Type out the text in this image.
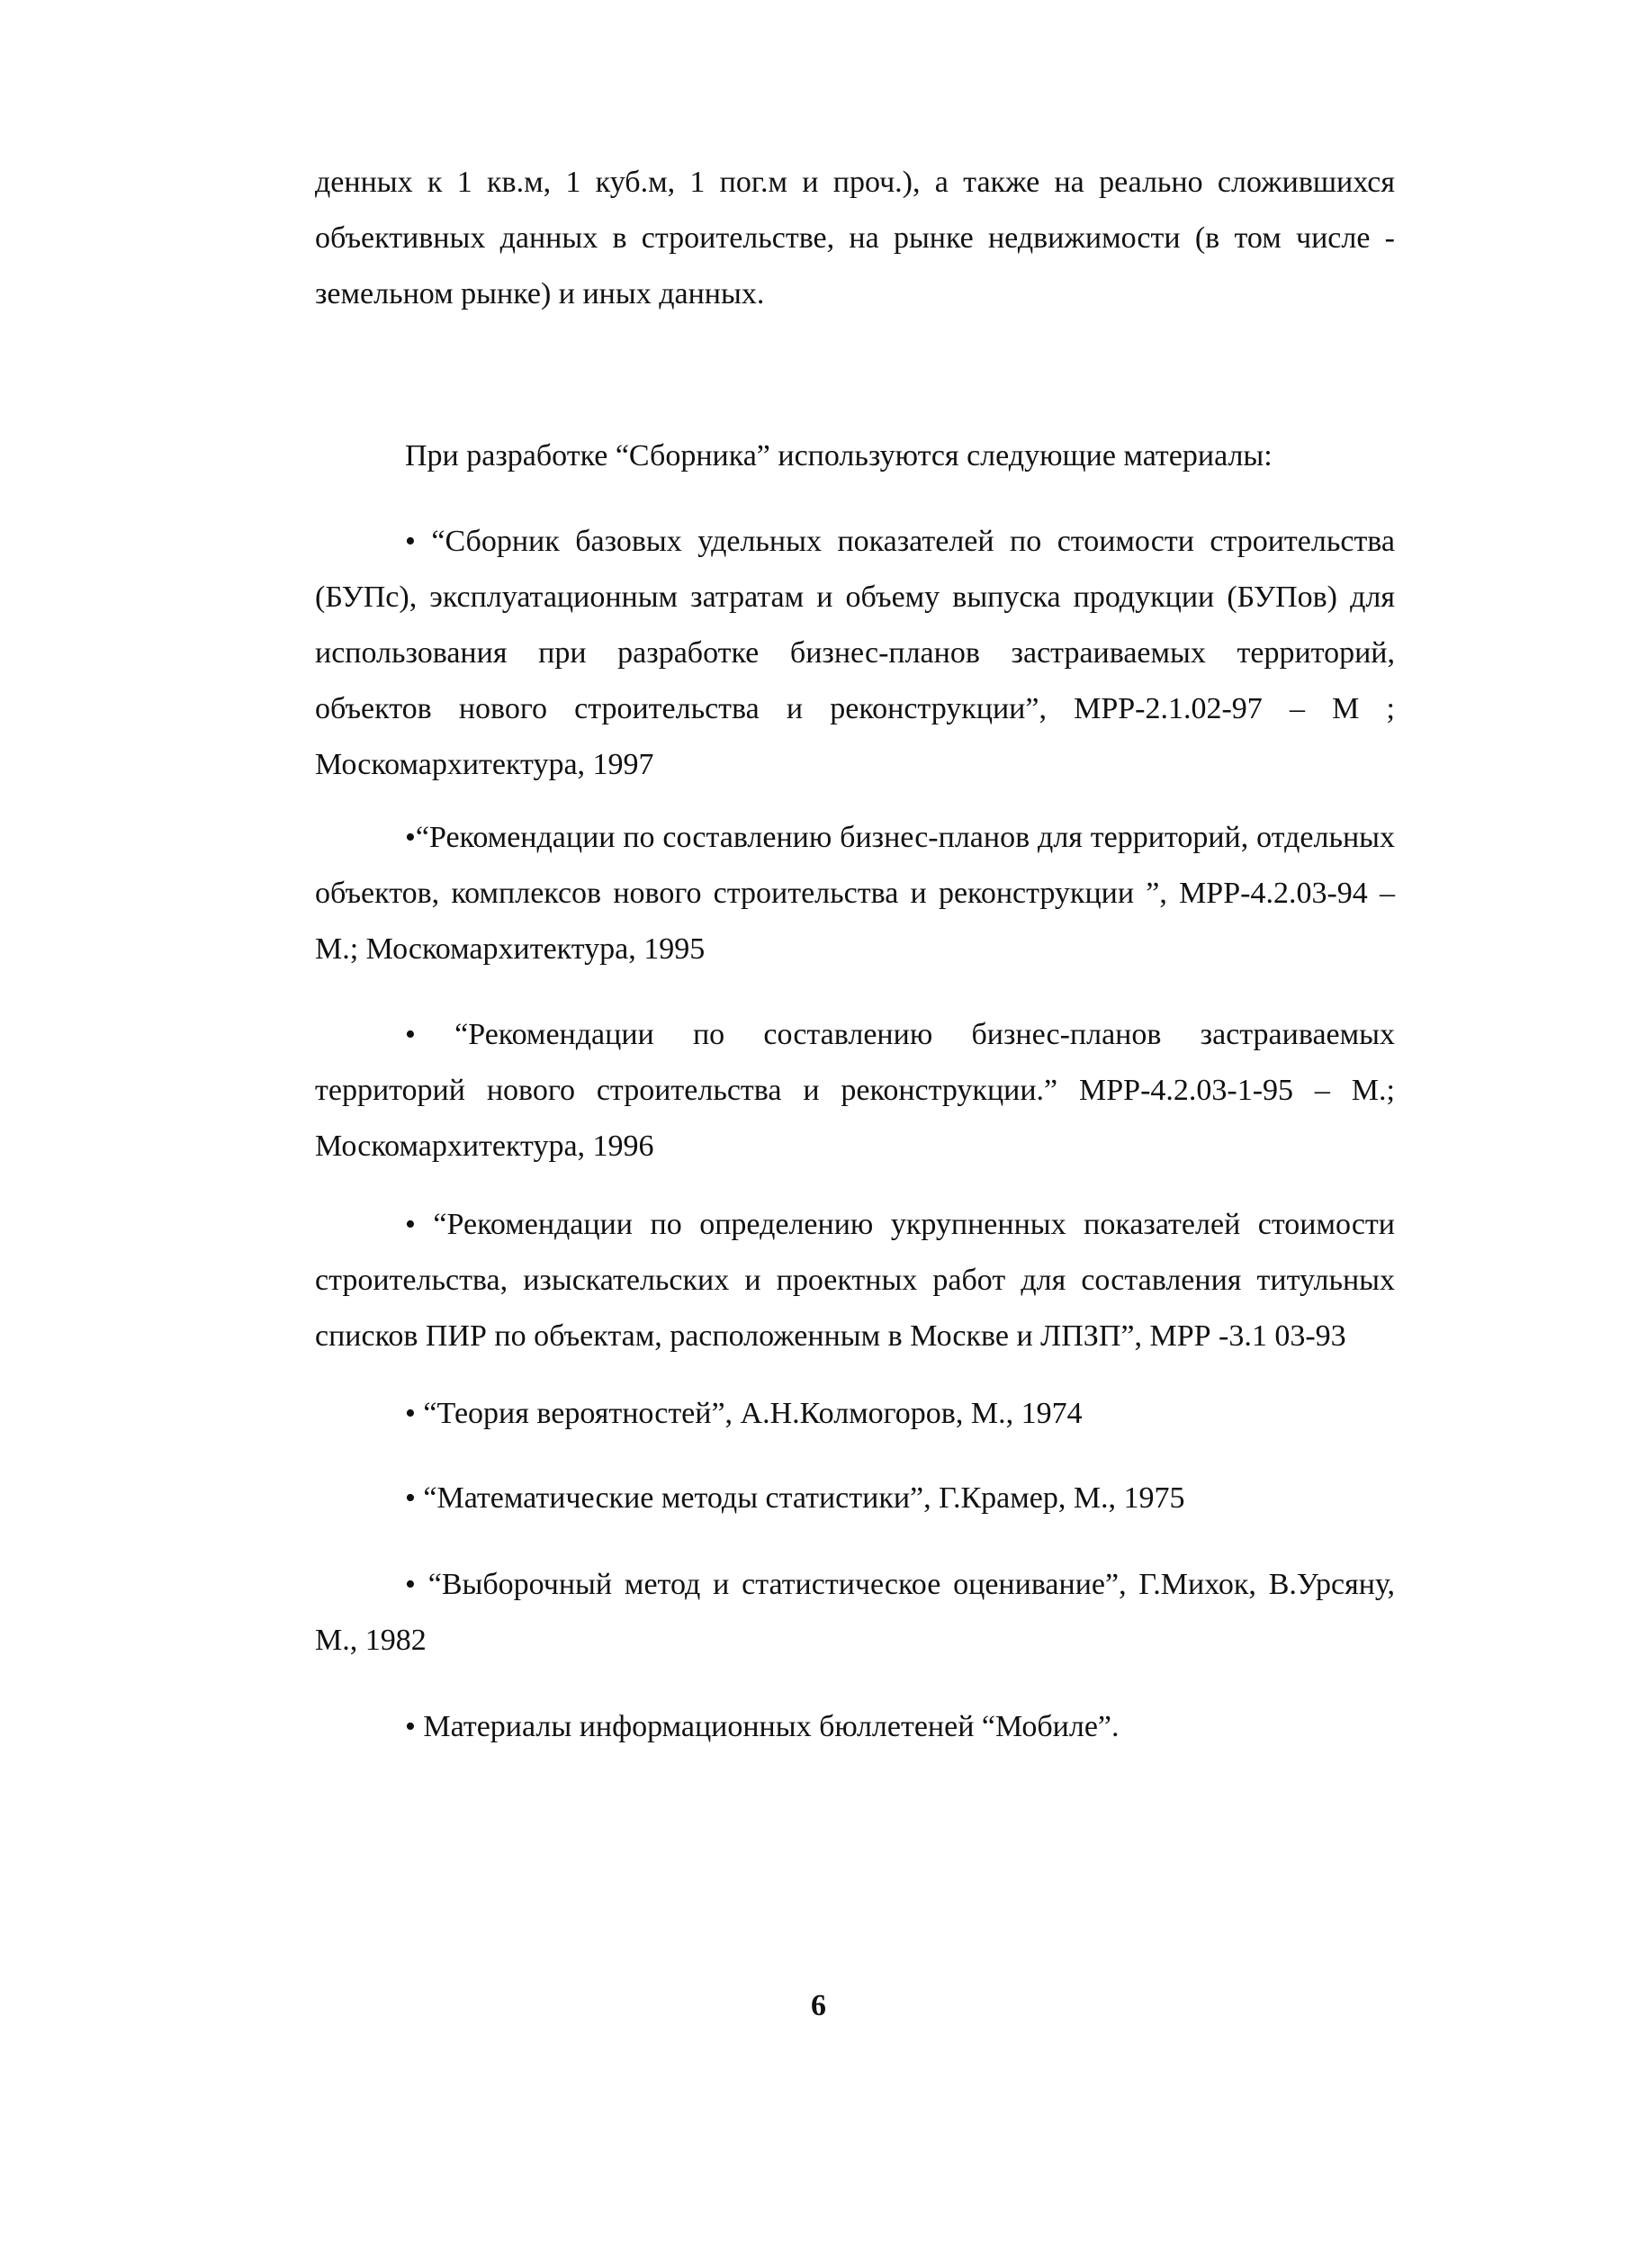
денных к 1 кв.м, 1 куб.м, 1 пог.м и проч.), а также на реально сложившихся объективных данных в строительстве, на рынке недвижимости (в том числе - земельном рынке) и иных данных.

При разработке “Сборника” используются следующие материалы:

• “Сборник базовых удельных показателей по стоимости строительства (БУПс), эксплуатационным затратам и объему выпуска продукции (БУПов) для использования при разработке бизнес-планов застраиваемых территорий, объектов нового строительства и реконструкции”, МРР-2.1.02-97 – М ; Москомархитектура, 1997

•“Рекомендации по составлению бизнес-планов для территорий, отдельных объектов, комплексов нового строительства и реконструкции ”, МРР-4.2.03-94 – М.; Москомархитектура, 1995

• “Рекомендации по составлению бизнес-планов застраиваемых территорий нового строительства и реконструкции.” МРР-4.2.03-1-95 – М.; Москомархитектура, 1996

• “Рекомендации по определению укрупненных показателей стоимости строительства, изыскательских и проектных работ для составления титульных списков ПИР по объектам, расположенным в Москве и ЛПЗП”, МРР -3.1 03-93

• “Теория вероятностей”, А.Н.Колмогоров, М., 1974

• “Математические методы статистики”, Г.Крамер, М., 1975

• “Выборочный метод и статистическое оценивание”, Г.Михок, В.Урсяну, М., 1982

• Материалы информационных бюллетеней “Мобиле”.

6
